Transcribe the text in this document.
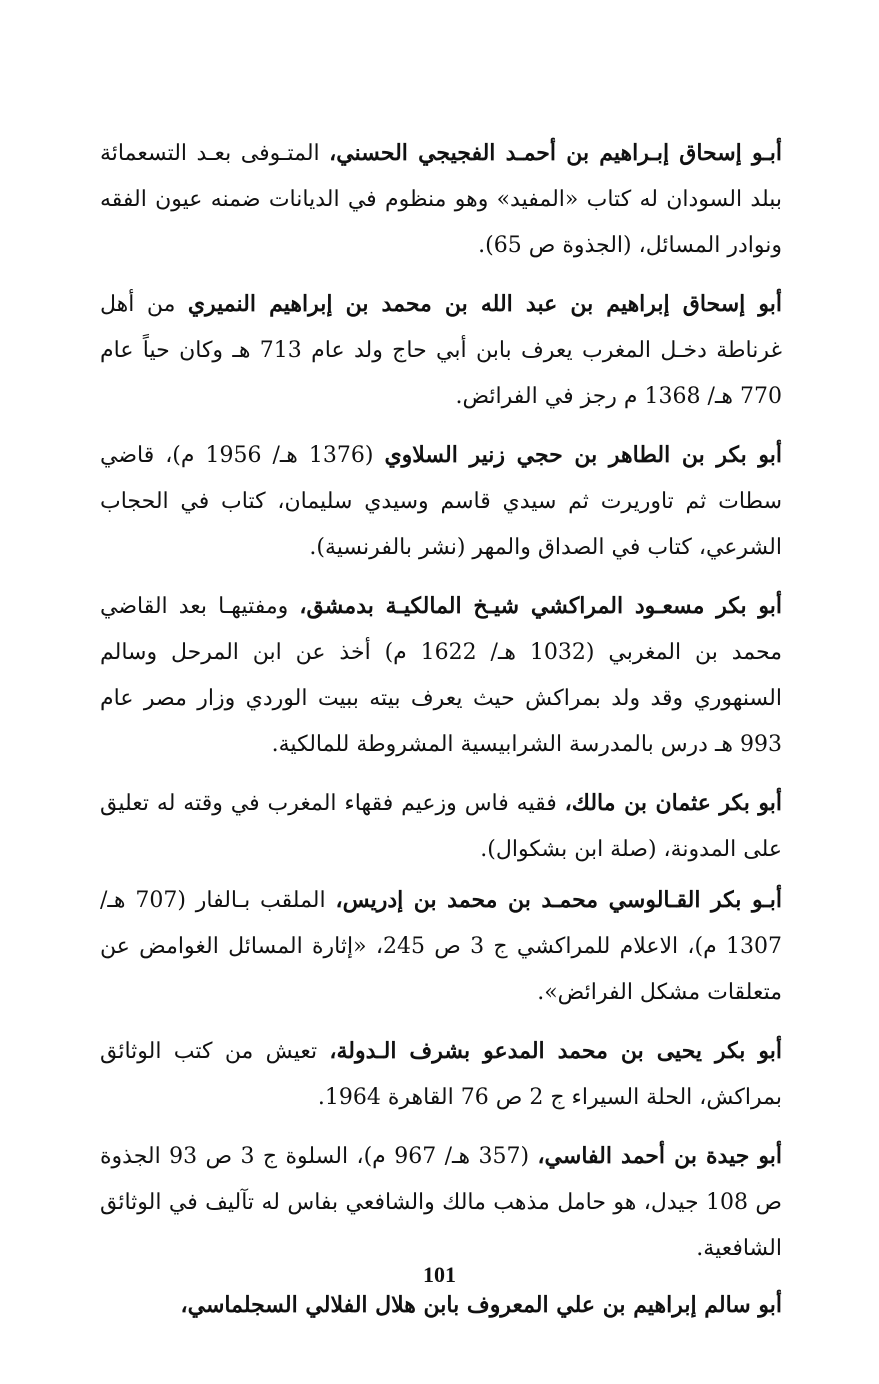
أبـو إسحاق إبـراهيم بن أحمـد الفجيجي الحسني، المتـوفى بعـد التسعمائة ببلد السودان له كتاب «المفيد» وهو منظوم في الديانات ضمنه عيون الفقه ونوادر المسائل، (الجذوة ص 65).

أبو إسحاق إبراهيم بن عبد الله بن محمد بن إبراهيم النميري من أهل غرناطة دخـل المغرب يعرف بابن أبي حاج ولد عام 713 هـ وكان حياً عام 770 هـ/ 1368 م رجز في الفرائض.

أبو بكر بن الطاهر بن حجي زنير السلاوي (1376 هـ/ 1956 م)، قاضي سطات ثم تاوريرت ثم سيدي قاسم وسيدي سليمان، كتاب في الحجاب الشرعي، كتاب في الصداق والمهر (نشر بالفرنسية).

أبو بكر مسعـود المراكشي شيـخ المالكيـة بدمشق، ومفتيهـا بعد القاضي محمد بن المغربي (1032 هـ/ 1622 م) أخذ عن ابن المرحل وسالم السنهوري وقد ولد بمراكش حيث يعرف بيته ببيت الوردي وزار مصر عام 993 هـ درس بالمدرسة الشرابيسية المشروطة للمالكية.

أبو بكر عثمان بن مالك، فقيه فاس وزعيم فقهاء المغرب في وقته له تعليق على المدونة، (صلة ابن بشكوال).

أبـو بكر القـالوسي محمـد بن محمد بن إدريس، الملقب بـالفار (707 هـ/ 1307 م)، الاعلام للمراكشي ج 3 ص 245، «إثارة المسائل الغوامض عن متعلقات مشكل الفرائض».

أبو بكر يحيى بن محمد المدعو بشرف الـدولة، تعيش من كتب الوثائق بمراكش، الحلة السيراء ج 2 ص 76 القاهرة 1964.

أبو جيدة بن أحمد الفاسي، (357 هـ/ 967 م)، السلوة ج 3 ص 93 الجذوة ص 108 جيدل، هو حامل مذهب مالك والشافعي بفاس له تآليف في الوثائق الشافعية.

أبو سالم إبراهيم بن علي المعروف بابن هلال الفلالي السجلماسي،

101
